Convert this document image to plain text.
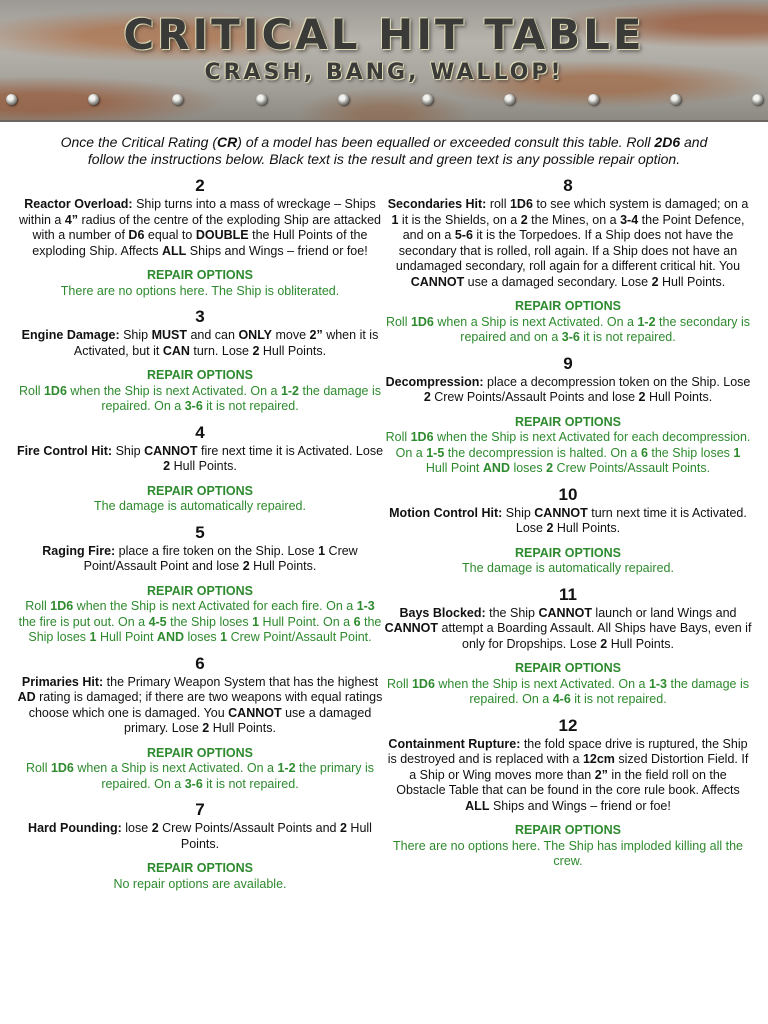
CRITICAL HIT TABLE
CRASH, BANG, WALLOP!
Once the Critical Rating (CR) of a model has been equalled or exceeded consult this table. Roll 2D6 and follow the instructions below. Black text is the result and green text is any possible repair option.
2
Reactor Overload: Ship turns into a mass of wreckage – Ships within a 4” radius of the centre of the exploding Ship are attacked with a number of D6 equal to DOUBLE the Hull Points of the exploding Ship. Affects ALL Ships and Wings – friend or foe!
REPAIR OPTIONS
There are no options here. The Ship is obliterated.
3
Engine Damage: Ship MUST and can ONLY move 2” when it is Activated, but it CAN turn. Lose 2 Hull Points.
REPAIR OPTIONS
Roll 1D6 when the Ship is next Activated. On a 1-2 the damage is repaired. On a 3-6 it is not repaired.
4
Fire Control Hit: Ship CANNOT fire next time it is Activated. Lose 2 Hull Points.
REPAIR OPTIONS
The damage is automatically repaired.
5
Raging Fire: place a fire token on the Ship. Lose 1 Crew Point/Assault Point and lose 2 Hull Points.
REPAIR OPTIONS
Roll 1D6 when the Ship is next Activated for each fire. On a 1-3 the fire is put out. On a 4-5 the Ship loses 1 Hull Point. On a 6 the Ship loses 1 Hull Point AND loses 1 Crew Point/Assault Point.
6
Primaries Hit: the Primary Weapon System that has the highest AD rating is damaged; if there are two weapons with equal ratings choose which one is damaged. You CANNOT use a damaged primary. Lose 2 Hull Points.
REPAIR OPTIONS
Roll 1D6 when a Ship is next Activated. On a 1-2 the primary is repaired. On a 3-6 it is not repaired.
7
Hard Pounding: lose 2 Crew Points/Assault Points and 2 Hull Points.
REPAIR OPTIONS
No repair options are available.
8
Secondaries Hit: roll 1D6 to see which system is damaged; on a 1 it is the Shields, on a 2 the Mines, on a 3-4 the Point Defence, and on a 5-6 it is the Torpedoes. If a Ship does not have the secondary that is rolled, roll again. If a Ship does not have an undamaged secondary, roll again for a different critical hit. You CANNOT use a damaged secondary. Lose 2 Hull Points.
REPAIR OPTIONS
Roll 1D6 when a Ship is next Activated. On a 1-2 the secondary is repaired and on a 3-6 it is not repaired.
9
Decompression: place a decompression token on the Ship. Lose 2 Crew Points/Assault Points and lose 2 Hull Points.
REPAIR OPTIONS
Roll 1D6 when the Ship is next Activated for each decompression. On a 1-5 the decompression is halted. On a 6 the Ship loses 1 Hull Point AND loses 2 Crew Points/Assault Points.
10
Motion Control Hit: Ship CANNOT turn next time it is Activated. Lose 2 Hull Points.
REPAIR OPTIONS
The damage is automatically repaired.
11
Bays Blocked: the Ship CANNOT launch or land Wings and CANNOT attempt a Boarding Assault. All Ships have Bays, even if only for Dropships. Lose 2 Hull Points.
REPAIR OPTIONS
Roll 1D6 when the Ship is next Activated. On a 1-3 the damage is repaired. On a 4-6 it is not repaired.
12
Containment Rupture: the fold space drive is ruptured, the Ship is destroyed and is replaced with a 12cm sized Distortion Field. If a Ship or Wing moves more than 2” in the field roll on the Obstacle Table that can be found in the core rule book. Affects ALL Ships and Wings – friend or foe!
REPAIR OPTIONS
There are no options here. The Ship has imploded killing all the crew.
